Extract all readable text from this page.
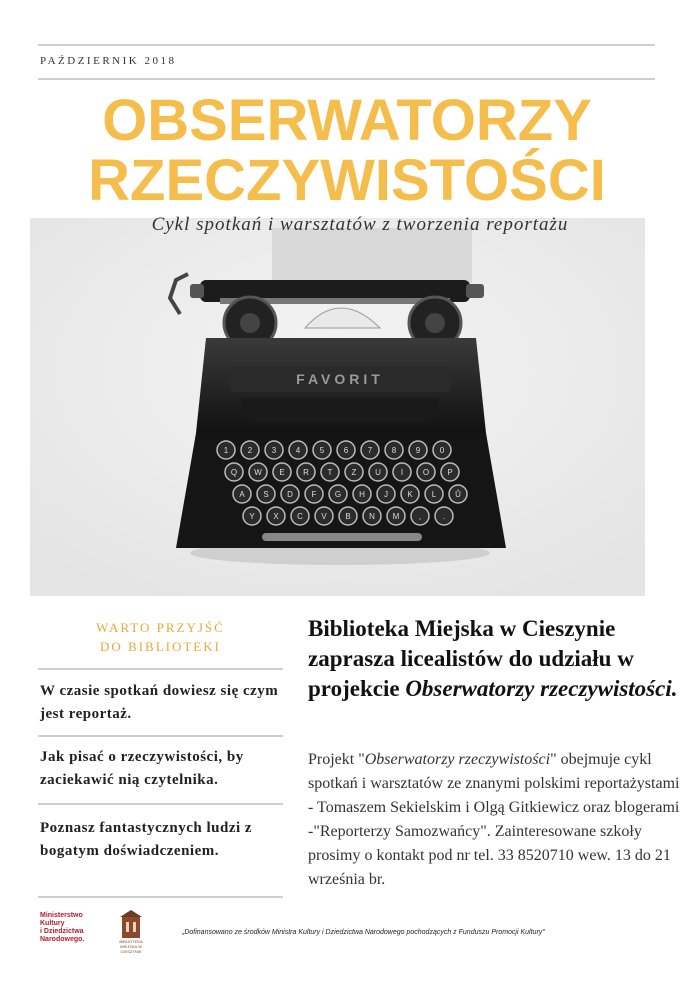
PAŹDZIERNIK 2018
FAVORIT
1 2 3 4 5 6 7 8 9 0
Q W E R T Z U I O P
A S D F G H J K L Ů
Y X C V B N M ,	.
OBSERWATORZY
RZECZYWISTOŚCI
Cykl spotkań i warsztatów z tworzenia reportażu
WARTO PRZYJŚĆ
DO BIBLIOTEKI
W czasie spotkań dowiesz się czym jest reportaż.
Jak pisać o rzeczywistości, by zaciekawić nią czytelnika.
Poznasz fantastycznych ludzi z bogatym doświadczeniem.
Biblioteka Miejska w Cieszynie zaprasza licealistów do udziału w projekcie Obserwatorzy rzeczywistości.
Projekt "Obserwatorzy rzeczywistości" obejmuje cykl spotkań i warsztatów ze znanymi polskimi reportażystami - Tomaszem Sekielskim i Olgą Gitkiewicz oraz blogerami -"Reporterzy Samozwańcy". Zainteresowane szkoły prosimy o kontakt pod nr tel. 33 8520710 wew. 13 do 21 września br.
Ministerstwo
Kultury
i Dziedzictwa
Narodowego.	BIBLIOTEKA MIEJSKA W CIESZYNIE
„Dofinansowano ze środków Ministra Kultury i Dziedzictwa Narodowego pochodzących z Funduszu Promocji Kultury"
